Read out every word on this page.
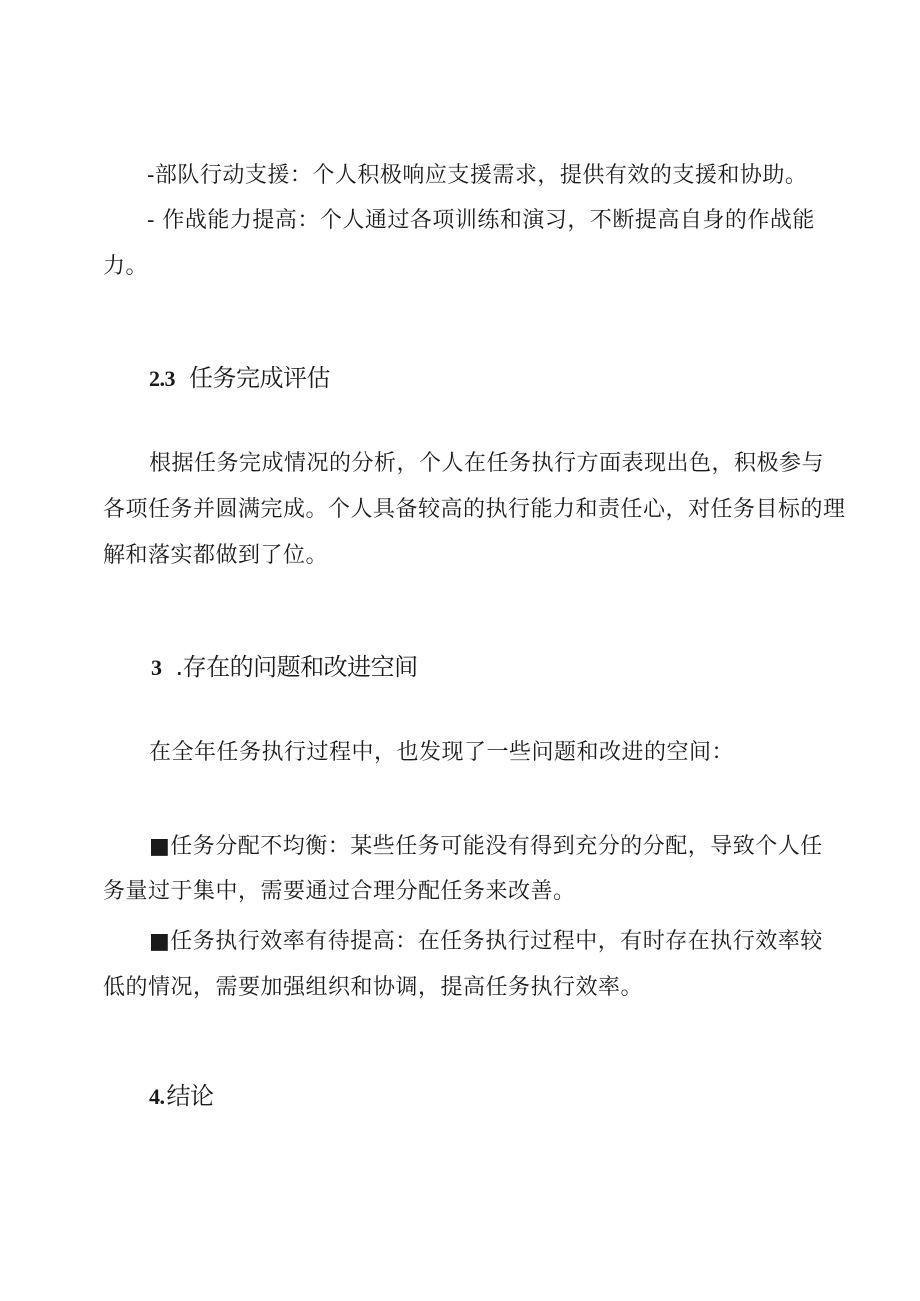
-部队行动支援：个人积极响应支援需求，提供有效的支援和协助。

- 作战能力提高：个人通过各项训练和演习，不断提高自身的作战能

力。

2.3 任务完成评估

根据任务完成情况的分析，个人在任务执行方面表现出色，积极参与

各项任务并圆满完成。个人具备较高的执行能力和责任心，对任务目标的理

解和落实都做到了位。

3 .存在的问题和改进空间

在全年任务执行过程中，也发现了一些问题和改进的空间：

■任务分配不均衡：某些任务可能没有得到充分的分配，导致个人任

务量过于集中，需要通过合理分配任务来改善。

■任务执行效率有待提高：在任务执行过程中，有时存在执行效率较

低的情况，需要加强组织和协调，提高任务执行效率。

4.结论
